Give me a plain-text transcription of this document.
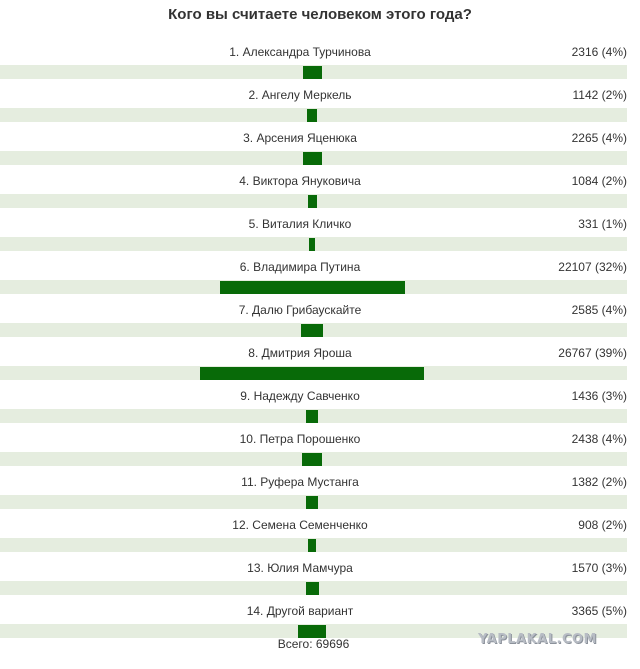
Кого вы считаете человеком этого года?
1. Александра Турчинова	2316 (4%)
2. Ангелу Меркель	1142 (2%)
3. Арсения Яценюка	2265 (4%)
4. Виктора Януковича	1084 (2%)
5. Виталия Кличко	331 (1%)
6. Владимира Путина	22107 (32%)
7. Далю Грибаускайте	2585 (4%)
8. Дмитрия Яроша	26767 (39%)
9. Надежду Савченко	1436 (3%)
10. Петра Порошенко	2438 (4%)
11. Руфера Мустанга	1382 (2%)
12. Семена Семенченко	908 (2%)
13. Юлия Мамчура	1570 (3%)
14. Другой вариант	3365 (5%)
Всего: 69696	YAPLAKAL.COM
